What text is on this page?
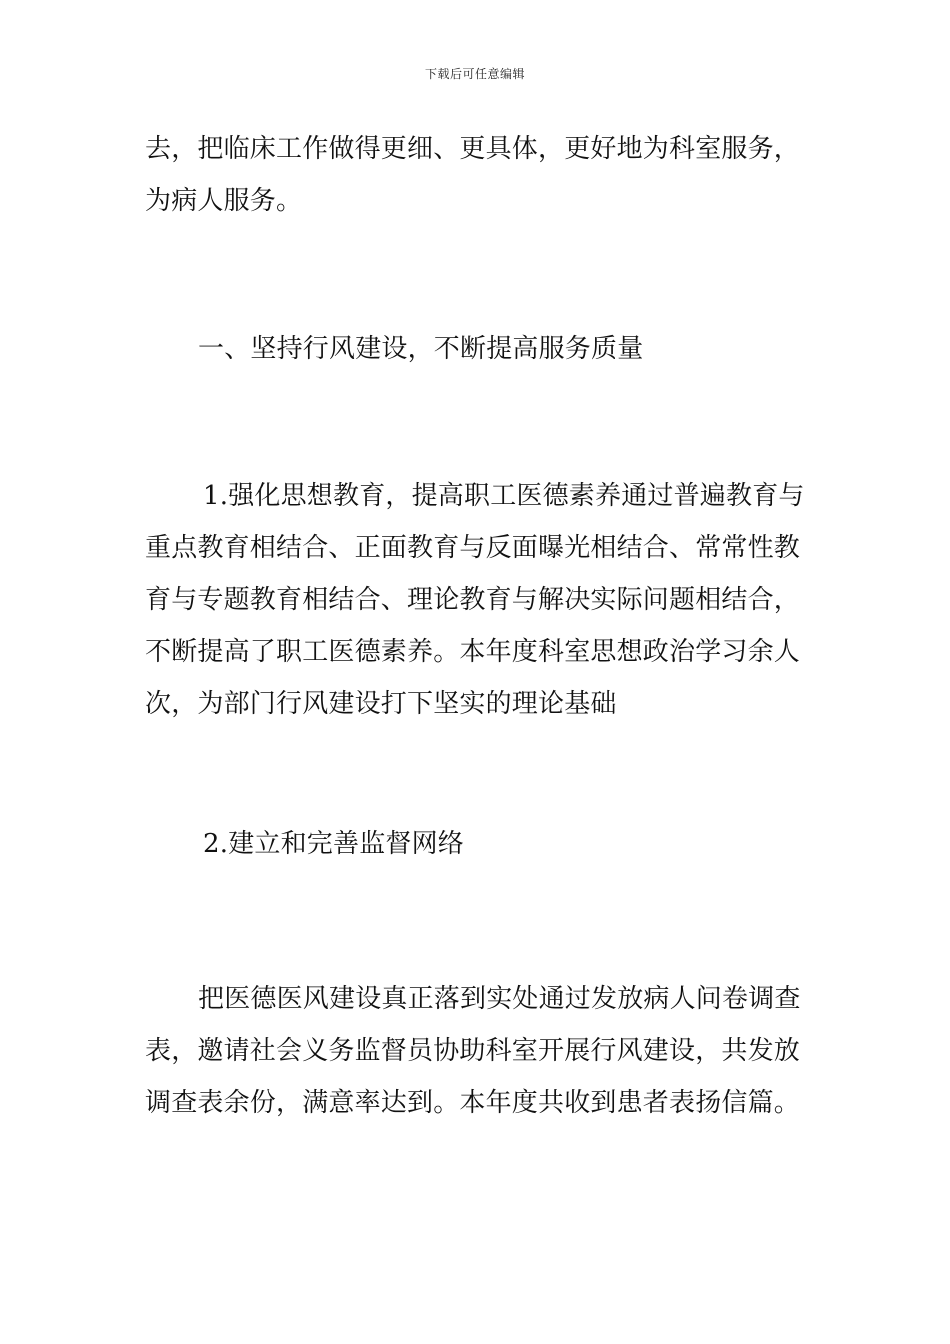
下载后可任意编辑
去，把临床工作做得更细、更具体，更好地为科室服务，为病人服务。
一、坚持行风建设，不断提高服务质量
1.强化思想教育，提高职工医德素养通过普遍教育与重点教育相结合、正面教育与反面曝光相结合、常常性教育与专题教育相结合、理论教育与解决实际问题相结合，不断提高了职工医德素养。本年度科室思想政治学习余人次，为部门行风建设打下坚实的理论基础
2.建立和完善监督网络
把医德医风建设真正落到实处通过发放病人问卷调查表，邀请社会义务监督员协助科室开展行风建设，共发放调查表余份，满意率达到。本年度共收到患者表扬信篇。
